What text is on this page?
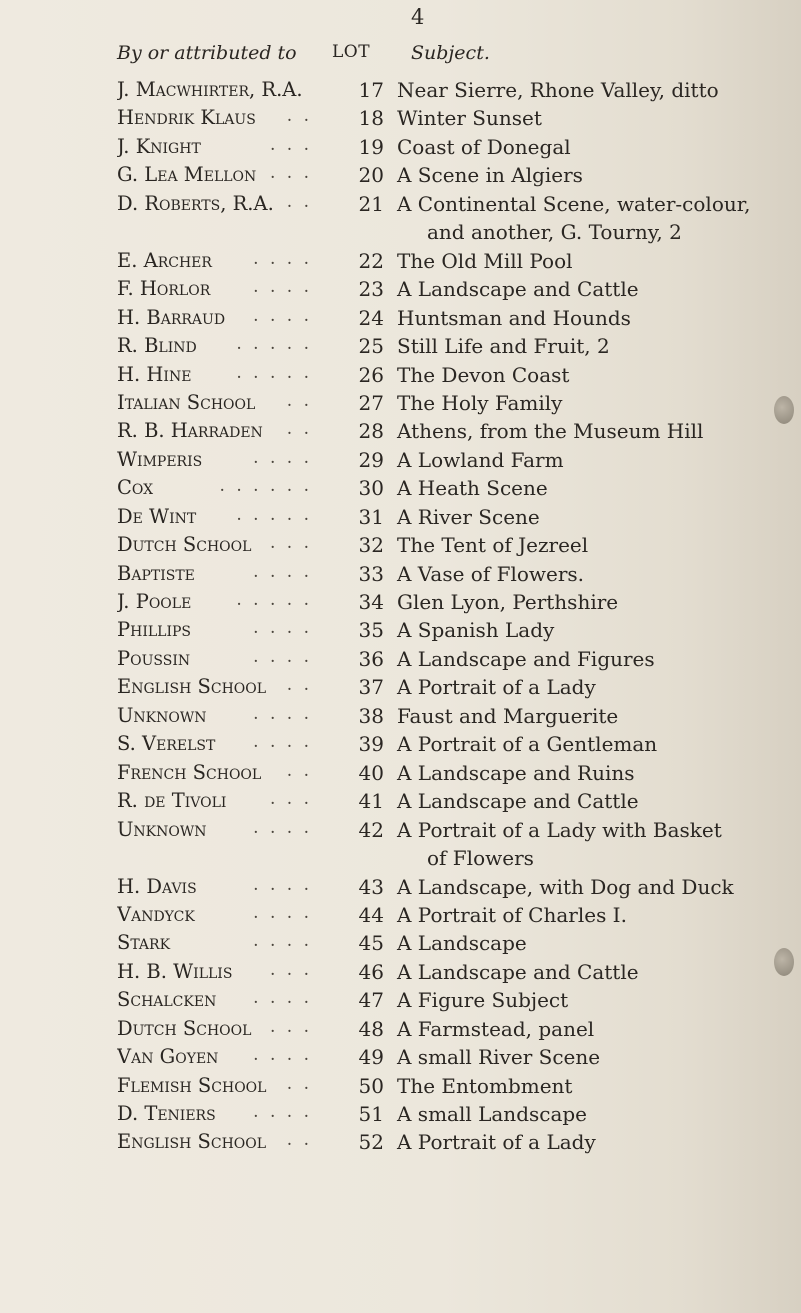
4
By or attributed to LOT Subject.
J. Macwhirter, R.A.	17 Near Sierre, Rhone Valley, ditto
Hendrik Klaus	. .	18 Winter Sunset
J. Knight	. . .	19 Coast of Donegal
G. Lea Mellon . . .	20 A Scene in Algiers
D. Roberts, R.A. . .	21 A Continental Scene, water-colour,
and another, G. Tourny, 2
E. Archer	. . . .	22 The Old Mill Pool
F. Horlor	. . . .	23 A Landscape and Cattle
H. Barraud	. . . .	24 Huntsman and Hounds
R. Blind	. . . . .	25 Still Life and Fruit, 2
H. Hine	. . . . .	26 The Devon Coast
Italian School	. .	27 The Holy Family
R. B. Harraden	. .	28 Athens, from the Museum Hill
Wimperis	. . . .	29 A Lowland Farm
Cox	. . . . . .	30 A Heath Scene
De Wint	. . . . .	31 A River Scene
Dutch School	. . .	32 The Tent of Jezreel
Baptiste	. . . .	33 A Vase of Flowers.
J. Poole	. . . . .	34 Glen Lyon, Perthshire
Phillips	. . . .	35 A Spanish Lady
Poussin	. . . .	36 A Landscape and Figures
English School	. .	37 A Portrait of a Lady
Unknown	. . . .	38 Faust and Marguerite
S. Verelst	. . . .	39 A Portrait of a Gentleman
French School	. .	40 A Landscape and Ruins
R. de Tivoli	. . .	41 A Landscape and Cattle
Unknown	. . . .	42 A Portrait of a Lady with Basket
of Flowers
H. Davis	. . . .	43 A Landscape, with Dog and Duck
Vandyck	. . . .	44 A Portrait of Charles I.
Stark	. . . .	45 A Landscape
H. B. Willis	. . .	46 A Landscape and Cattle
Schalcken	. . . .	47 A Figure Subject
Dutch School	. . .	48 A Farmstead, panel
Van Goyen	. . . .	49 A small River Scene
Flemish School	. .	50 The Entombment
D. Teniers	. . . .	51 A small Landscape
English School	. .	52 A Portrait of a Lady
